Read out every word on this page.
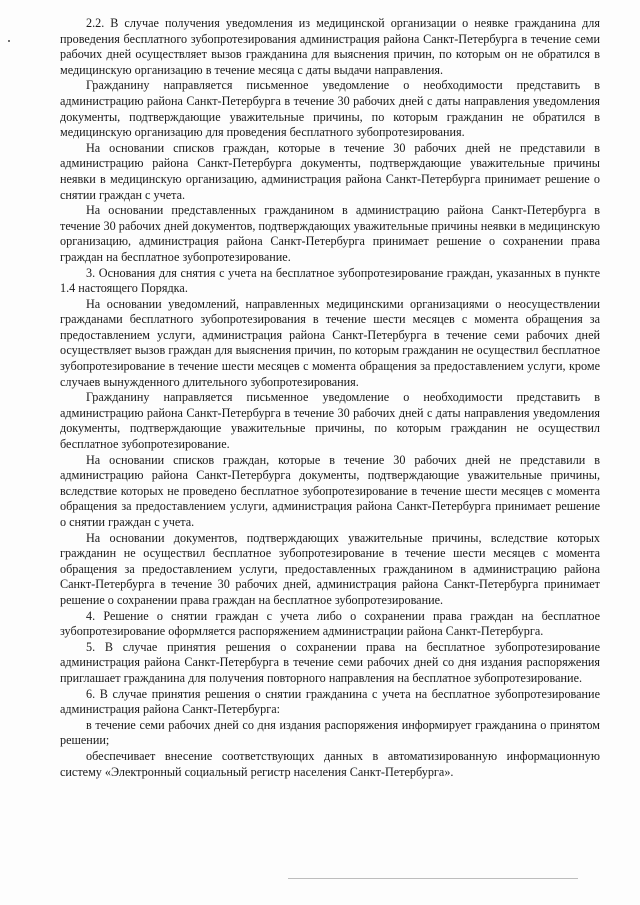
2.2. В случае получения уведомления из медицинской организации о неявке гражданина для проведения бесплатного зубопротезирования администрация района Санкт-Петербурга в течение семи рабочих дней осуществляет вызов гражданина для выяснения причин, по которым он не обратился в медицинскую организацию в течение месяца с даты выдачи направления.

Гражданину направляется письменное уведомление о необходимости представить в администрацию района Санкт-Петербурга в течение 30 рабочих дней с даты направления уведомления документы, подтверждающие уважительные причины, по которым гражданин не обратился в медицинскую организацию для проведения бесплатного зубопротезирования.

На основании списков граждан, которые в течение 30 рабочих дней не представили в администрацию района Санкт-Петербурга документы, подтверждающие уважительные причины неявки в медицинскую организацию, администрация района Санкт-Петербурга принимает решение о снятии граждан с учета.

На основании представленных гражданином в администрацию района Санкт-Петербурга в течение 30 рабочих дней документов, подтверждающих уважительные причины неявки в медицинскую организацию, администрация района Санкт-Петербурга принимает решение о сохранении права граждан на бесплатное зубопротезирование.

3. Основания для снятия с учета на бесплатное зубопротезирование граждан, указанных в пункте 1.4 настоящего Порядка.

На основании уведомлений, направленных медицинскими организациями о неосуществлении гражданами бесплатного зубопротезирования в течение шести месяцев с момента обращения за предоставлением услуги, администрация района Санкт-Петербурга в течение семи рабочих дней осуществляет вызов граждан для выяснения причин, по которым гражданин не осуществил бесплатное зубопротезирование в течение шести месяцев с момента обращения за предоставлением услуги, кроме случаев вынужденного длительного зубопротезирования.

Гражданину направляется письменное уведомление о необходимости представить в администрацию района Санкт-Петербурга в течение 30 рабочих дней с даты направления уведомления документы, подтверждающие уважительные причины, по которым гражданин не осуществил бесплатное зубопротезирование.

На основании списков граждан, которые в течение 30 рабочих дней не представили в администрацию района Санкт-Петербурга документы, подтверждающие уважительные причины, вследствие которых не проведено бесплатное зубопротезирование в течение шести месяцев с момента обращения за предоставлением услуги, администрация района Санкт-Петербурга принимает решение о снятии граждан с учета.

На основании документов, подтверждающих уважительные причины, вследствие которых гражданин не осуществил бесплатное зубопротезирование в течение шести месяцев с момента обращения за предоставлением услуги, предоставленных гражданином в администрацию района Санкт-Петербурга в течение 30 рабочих дней, администрация района Санкт-Петербурга принимает решение о сохранении права граждан на бесплатное зубопротезирование.

4. Решение о снятии граждан с учета либо о сохранении права граждан на бесплатное зубопротезирование оформляется распоряжением администрации района Санкт-Петербурга.

5. В случае принятия решения о сохранении права на бесплатное зубопротезирование администрация района Санкт-Петербурга в течение семи рабочих дней со дня издания распоряжения приглашает гражданина для получения повторного направления на бесплатное зубопротезирование.

6. В случае принятия решения о снятии гражданина с учета на бесплатное зубопротезирование администрация района Санкт-Петербурга:

в течение семи рабочих дней со дня издания распоряжения информирует гражданина о принятом решении;

обеспечивает внесение соответствующих данных в автоматизированную информационную систему «Электронный социальный регистр населения Санкт-Петербурга».
